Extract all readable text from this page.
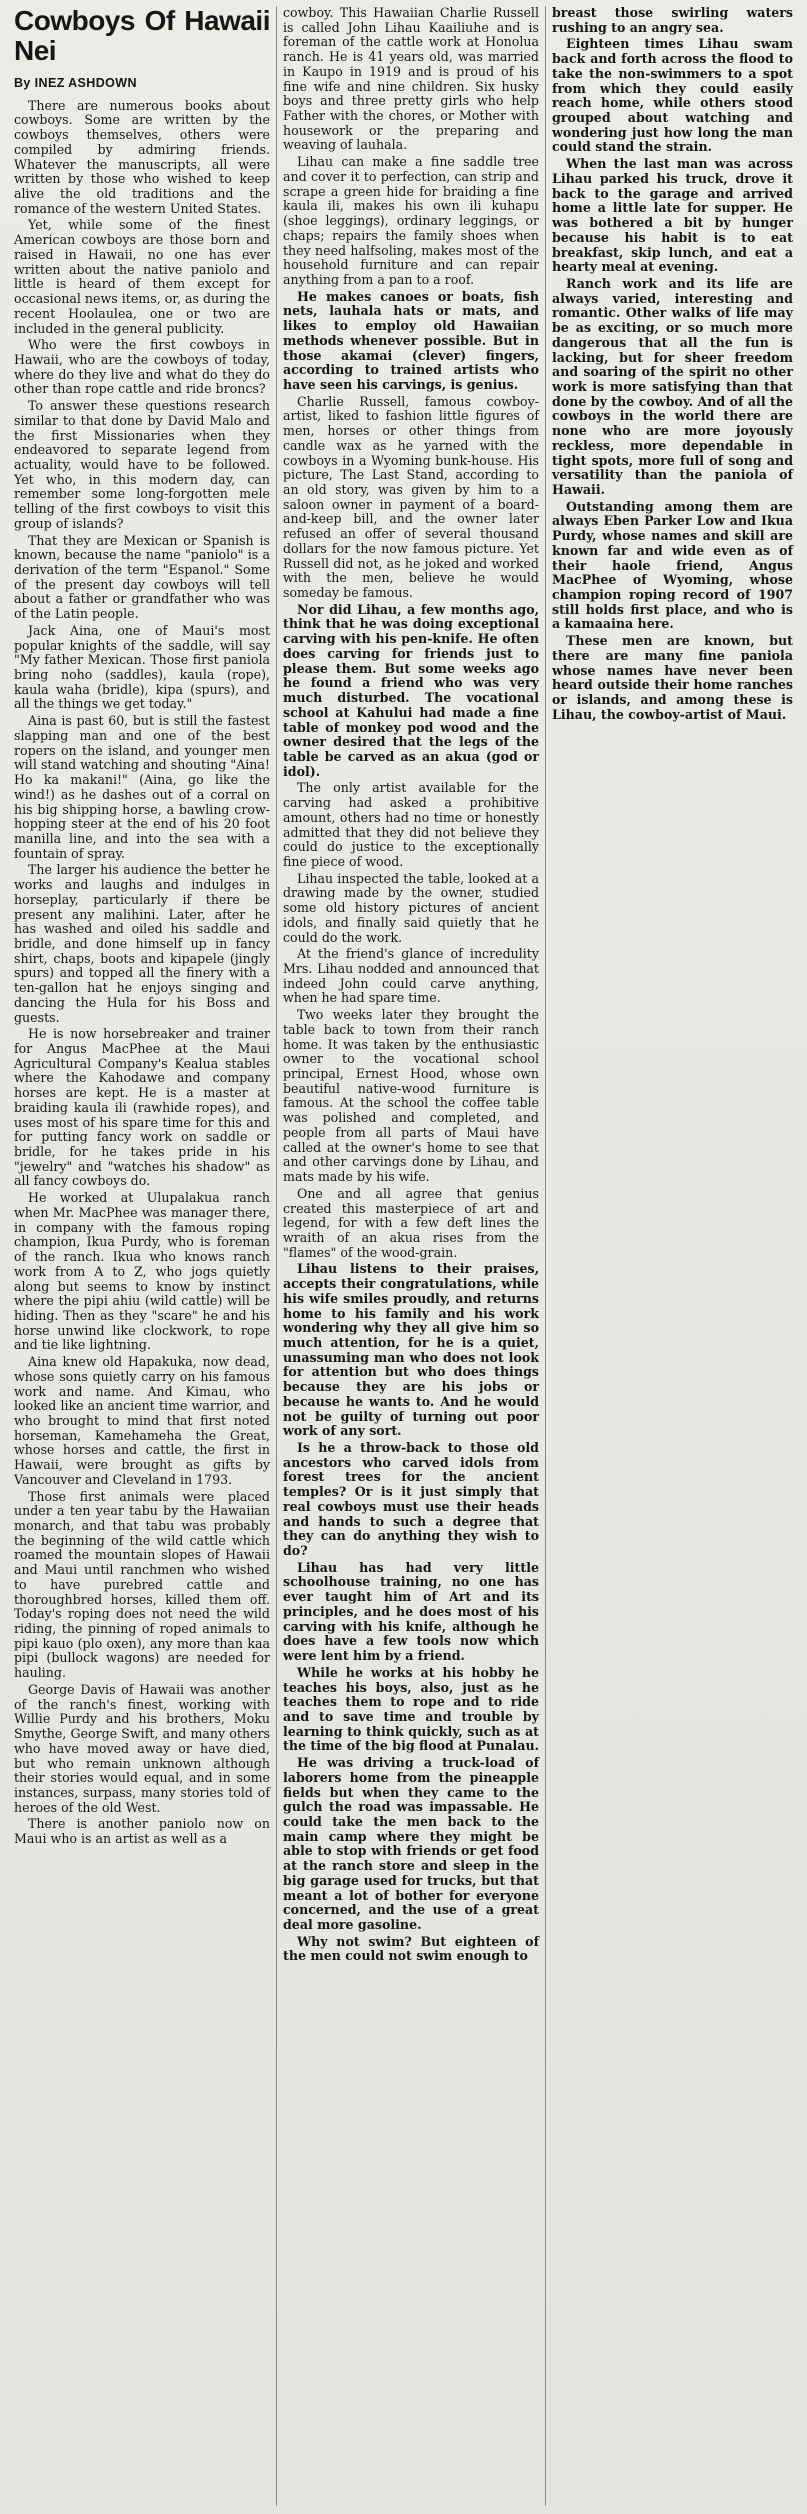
Cowboys Of Hawaii Nei
By INEZ ASHDOWN

There are numerous books about cowboys. Some are written by the cowboys themselves, others were compiled by admiring friends. Whatever the manuscripts, all were written by those who wished to keep alive the old traditions and the romance of the western United States.

Yet, while some of the finest American cowboys are those born and raised in Hawaii, no one has ever written about the native paniolo and little is heard of them except for occasional news items, or, as during the recent Hoolaulea, one or two are included in the general publicity.

Who were the first cowboys in Hawaii, who are the cowboys of today, where do they live and what do they do other than rope cattle and ride broncs?

To answer these questions research similar to that done by David Malo and the first Missionaries when they endeavored to separate legend from actuality, would have to be followed. Yet who, in this modern day, can remember some long-forgotten mele telling of the first cowboys to visit this group of islands?

That they are Mexican or Spanish is known, because the name "paniolo" is a derivation of the term "Espanol." Some of the present day cowboys will tell about a father or grandfather who was of the Latin people.

Jack Aina, one of Maui's most popular knights of the saddle, will say "My father Mexican. Those first paniola bring noho (saddles), kaula (rope), kaula waha (bridle), kipa (spurs), and all the things we get today."

Aina is past 60, but is still the fastest slapping man and one of the best ropers on the island, and younger men will stand watching and shouting "Aina! Ho ka makani!" (Aina, go like the wind!) as he dashes out of a corral on his big shipping horse, a bawling crow-hopping steer at the end of his 20 foot manilla line, and into the sea with a fountain of spray.

The larger his audience the better he works and laughs and indulges in horseplay, particularly if there be present any malihini. Later, after he has washed and oiled his saddle and bridle, and done himself up in fancy shirt, chaps, boots and kipapele (jingly spurs) and topped all the finery with a ten-gallon hat he enjoys singing and dancing the Hula for his Boss and guests.

He is now horsebreaker and trainer for Angus MacPhee at the Maui Agricultural Company's Kealua stables where the Kahodawe and company horses are kept. He is a master at braiding kaula ili (rawhide ropes), and uses most of his spare time for this and for putting fancy work on saddle or bridle, for he takes pride in his "jewelry" and "watches his shadow" as all fancy cowboys do.

He worked at Ulupalakua ranch when Mr. MacPhee was manager there, in company with the famous roping champion, Ikua Purdy, who is foreman of the ranch. Ikua who knows ranch work from A to Z, who jogs quietly along but seems to know by instinct where the pipi ahiu (wild cattle) will be hiding. Then as they "scare" he and his horse unwind like clockwork, to rope and tie like lightning.

Aina knew old Hapakuka, now dead, whose sons quietly carry on his famous work and name. And Kimau, who looked like an ancient time warrior, and who brought to mind that first noted horseman, Kamehameha the Great, whose horses and cattle, the first in Hawaii, were brought as gifts by Vancouver and Cleveland in 1793.

Those first animals were placed under a ten year tabu by the Hawaiian monarch, and that tabu was probably the beginning of the wild cattle which roamed the mountain slopes of Hawaii and Maui until ranchmen who wished to have purebred cattle and thoroughbred horses, killed them off. Today's roping does not need the wild riding, the pinning of roped animals to pipi kauo (plo oxen), any more than kaa pipi (bullock wagons) are needed for hauling.

George Davis of Hawaii was another of the ranch's finest, working with Willie Purdy and his brothers, Moku Smythe, George Swift, and many others who have moved away or have died, but who remain unknown although their stories would equal, and in some instances, surpass, many stories told of heroes of the old West.

There is another paniolo now on Maui who is an artist as well as a

cowboy. This Hawaiian Charlie Russell is called John Lihau Kaailiuhe and is foreman of the cattle work at Honolua ranch. He is 41 years old, was married in Kaupo in 1919 and is proud of his fine wife and nine children. Six husky boys and three pretty girls who help Father with the chores, or Mother with housework or the preparing and weaving of lauhala.

Lihau can make a fine saddle tree and cover it to perfection, can strip and scrape a green hide for braiding a fine kaula ili, makes his own ili kuhapu (shoe leggings), ordinary leggings, or chaps; repairs the family shoes when they need halfsoling, makes most of the household furniture and can repair anything from a pan to a roof.

He makes canoes or boats, fish nets, lauhala hats or mats, and likes to employ old Hawaiian methods whenever possible. But in those akamai (clever) fingers, according to trained artists who have seen his carvings, is genius.

Charlie Russell, famous cowboy-artist, liked to fashion little figures of men, horses or other things from candle wax as he yarned with the cowboys in a Wyoming bunk-house. His picture, The Last Stand, according to an old story, was given by him to a saloon owner in payment of a board-and-keep bill, and the owner later refused an offer of several thousand dollars for the now famous picture. Yet Russell did not, as he joked and worked with the men, believe he would someday be famous.

Nor did Lihau, a few months ago, think that he was doing exceptional carving with his pen-knife. He often does carving for friends just to please them. But some weeks ago he found a friend who was very much disturbed. The vocational school at Kahului had made a fine table of monkey pod wood and the owner desired that the legs of the table be carved as an akua (god or idol).

The only artist available for the carving had asked a prohibitive amount, others had no time or honestly admitted that they did not believe they could do justice to the exceptionally fine piece of wood.

Lihau inspected the table, looked at a drawing made by the owner, studied some old history pictures of ancient idols, and finally said quietly that he could do the work.

At the friend's glance of incredulity Mrs. Lihau nodded and announced that indeed John could carve anything, when he had spare time.

Two weeks later they brought the table back to town from their ranch home. It was taken by the enthusiastic owner to the vocational school principal, Ernest Hood, whose own beautiful native-wood furniture is famous. At the school the coffee table was polished and completed, and people from all parts of Maui have called at the owner's home to see that and other carvings done by Lihau, and mats made by his wife.

One and all agree that genius created this masterpiece of art and legend, for with a few deft lines the wraith of an akua rises from the "flames" of the wood-grain.

Lihau listens to their praises, accepts their congratulations, while his wife smiles proudly, and returns home to his family and his work wondering why they all give him so much attention, for he is a quiet, unassuming man who does not look for attention but who does things because they are his jobs or because he wants to. And he would not be guilty of turning out poor work of any sort.

Is he a throw-back to those old ancestors who carved idols from forest trees for the ancient temples? Or is it just simply that real cowboys must use their heads and hands to such a degree that they can do anything they wish to do?

Lihau has had very little schoolhouse training, no one has ever taught him of Art and its principles, and he does most of his carving with his knife, although he does have a few tools now which were lent him by a friend.

While he works at his hobby he teaches his boys, also, just as he teaches them to rope and to ride and to save time and trouble by learning to think quickly, such as at the time of the big flood at Punalau.

He was driving a truck-load of laborers home from the pineapple fields but when they came to the gulch the road was impassable. He could take the men back to the main camp where they might be able to stop with friends or get food at the ranch store and sleep in the big garage used for trucks, but that meant a lot of bother for everyone concerned, and the use of a great deal more gasoline.

Why not swim? But eighteen of the men could not swim enough to

breast those swirling waters rushing to an angry sea.

Eighteen times Lihau swam back and forth across the flood to take the non-swimmers to a spot from which they could easily reach home, while others stood grouped about watching and wondering just how long the man could stand the strain.

When the last man was across Lihau parked his truck, drove it back to the garage and arrived home a little late for supper. He was bothered a bit by hunger because his habit is to eat breakfast, skip lunch, and eat a hearty meal at evening.

Ranch work and its life are always varied, interesting and romantic. Other walks of life may be as exciting, or so much more dangerous that all the fun is lacking, but for sheer freedom and soaring of the spirit no other work is more satisfying than that done by the cowboy. And of all the cowboys in the world there are none who are more joyously reckless, more dependable in tight spots, more full of song and versatility than the paniola of Hawaii.

Outstanding among them are always Eben Parker Low and Ikua Purdy, whose names and skill are known far and wide even as of their haole friend, Angus MacPhee of Wyoming, whose champion roping record of 1907 still holds first place, and who is a kamaaina here.

These men are known, but there are many fine paniola whose names have never been heard outside their home ranches or islands, and among these is Lihau, the cowboy-artist of Maui.
